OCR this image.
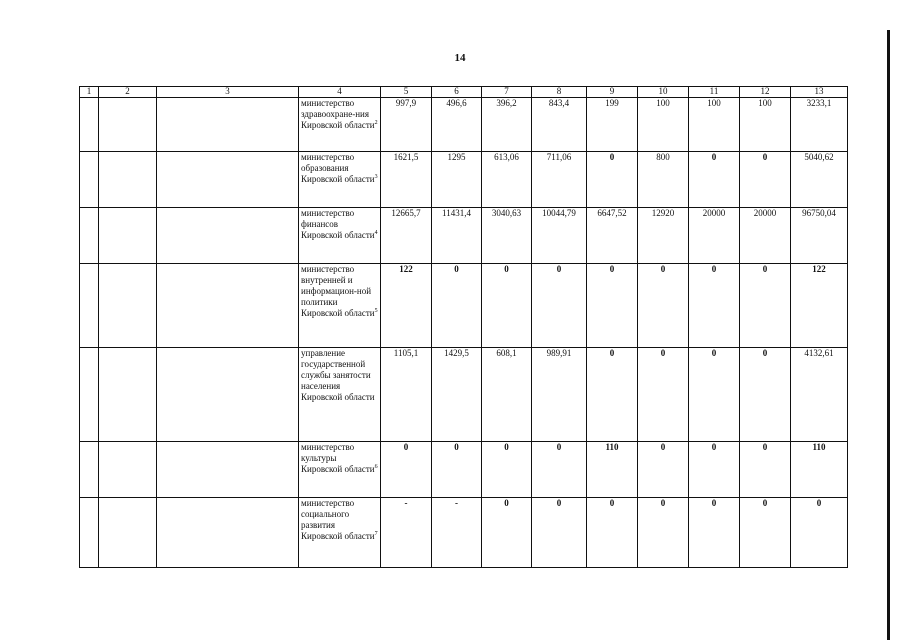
14
1	2	3	4	5	6	7	8	9	10	11	12	13
			министерство здравоохране-ния Кировской области$^2$	997,9	496,6	396,2	843,4	199	100	100	100	3233,1
			министерство образования Кировской области$^3$	1621,5	1295	613,06	711,06	0	800	0	0	5040,62
			министерство финансов Кировской области$^4$	12665,7	11431,4	3040,63	10044,79	6647,52	12920	20000	20000	96750,04
			министерство внутренней и информацион-ной политики Кировской области$^5$	122	0	0	0	0	0	0	0	122
			управление государственной службы занятости населения Кировской области	1105,1	1429,5	608,1	989,91	0	0	0	0	4132,61
			министерство культуры Кировской области$^6$	0	0	0	0	110	0	0	0	110
			министерство социального развития Кировской области$^7$	-	-	0	0	0	0	0	0	0
